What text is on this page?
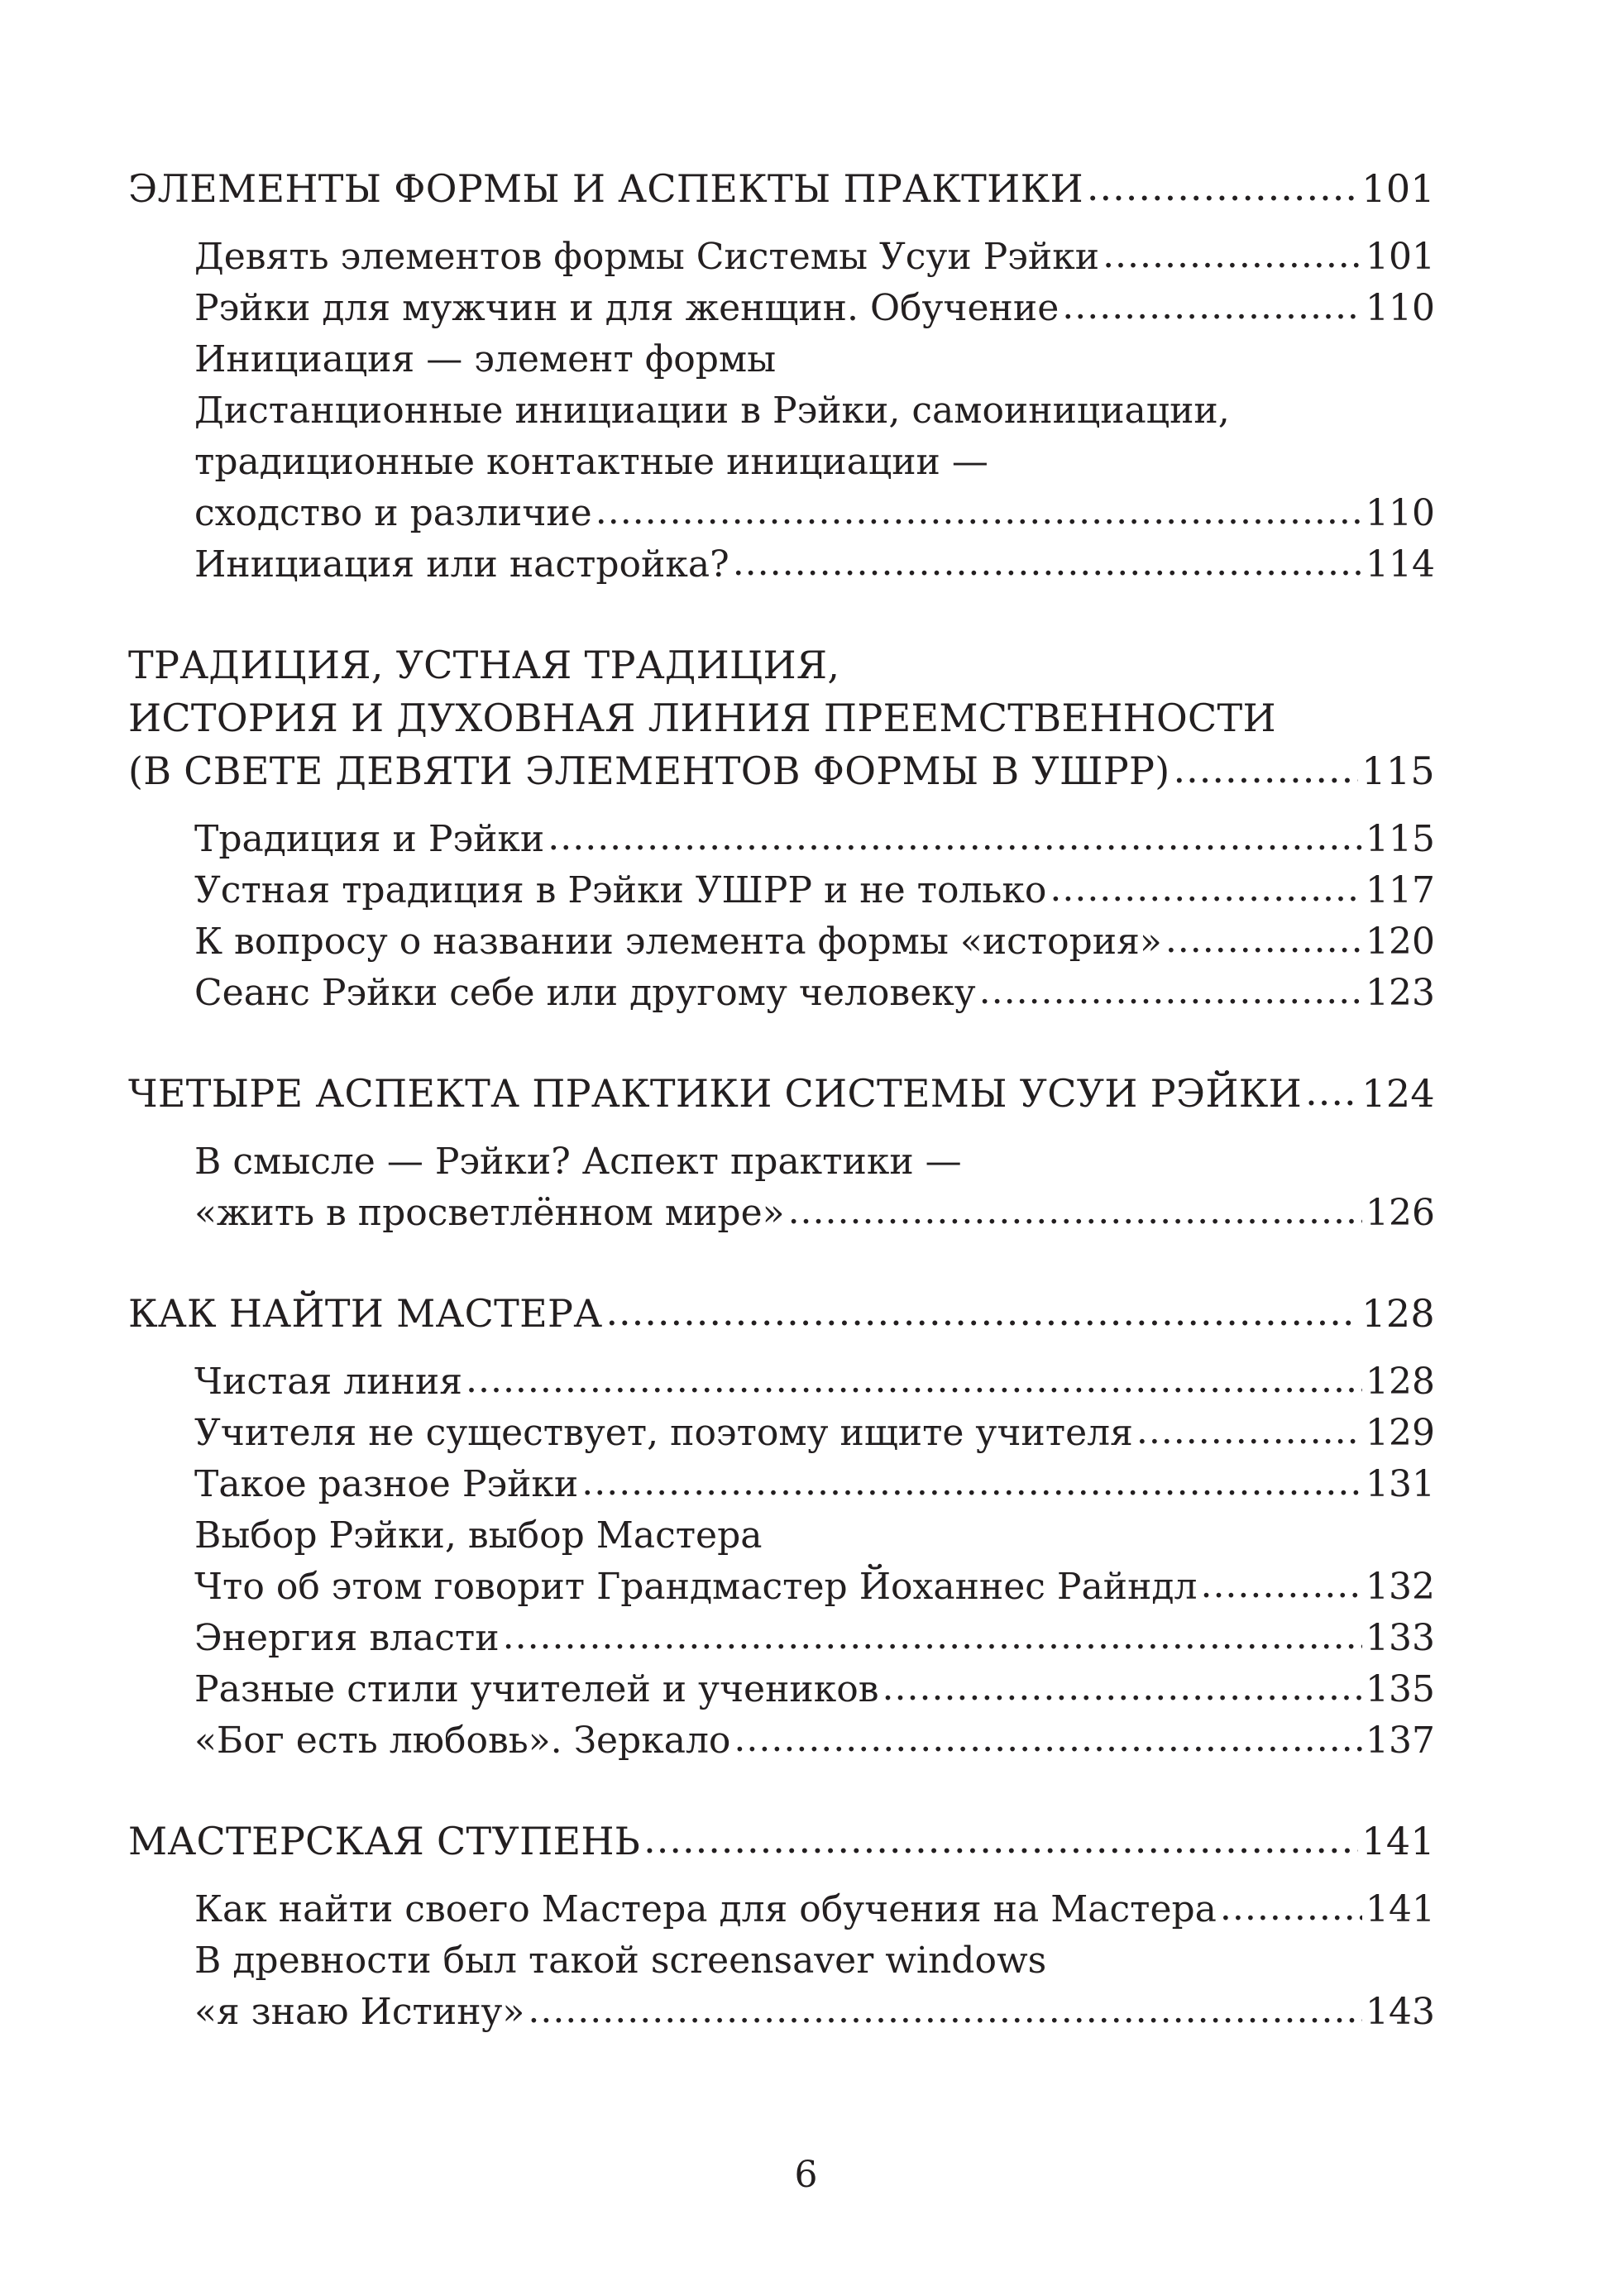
ЭЛЕМЕНТЫ ФОРМЫ И АСПЕКТЫ ПРАКТИКИ .....	101
Девять элементов формы Системы Усуи Рэйки .....	101
Рэйки для мужчин и для женщин. Обучение .....	110
Инициация — элемент формы
Дистанционные инициации в Рэйки, самоинициации,
традиционные контактные инициации —
сходство и различие .....	110
Инициация или настройка? .....	114
ТРАДИЦИЯ, УСТНАЯ ТРАДИЦИЯ,
ИСТОРИЯ И ДУХОВНАЯ ЛИНИЯ ПРЕЕМСТВЕННОСТИ
(В СВЕТЕ ДЕВЯТИ ЭЛЕМЕНТОВ ФОРМЫ В УШРР) .....	115
Традиция и Рэйки .....	115
Устная традиция в Рэйки УШРР и не только .....	117
К вопросу о названии элемента формы «история» .....	120
Сеанс Рэйки себе или другому человеку .....	123
ЧЕТЫРЕ АСПЕКТА ПРАКТИКИ СИСТЕМЫ УСУИ РЭЙКИ ..... 124
В смысле — Рэйки? Аспект практики —
«жить в просветлённом мире» .....	126
КАК НАЙТИ МАСТЕРА .....	128
Чистая линия .....	128
Учителя не существует, поэтому ищите учителя .....	129
Такое разное Рэйки .....	131
Выбор Рэйки, выбор Мастера
Что об этом говорит Грандмастер Йоханнес Райндл .....	132
Энергия власти .....	133
Разные стили учителей и учеников .....	135
«Бог есть любовь». Зеркало .....	137
МАСТЕРСКАЯ СТУПЕНЬ .....	141
Как найти своего Мастера для обучения на Мастера .....	141
В древности был такой screensaver windows
«я знаю Истину» .....	143
6
